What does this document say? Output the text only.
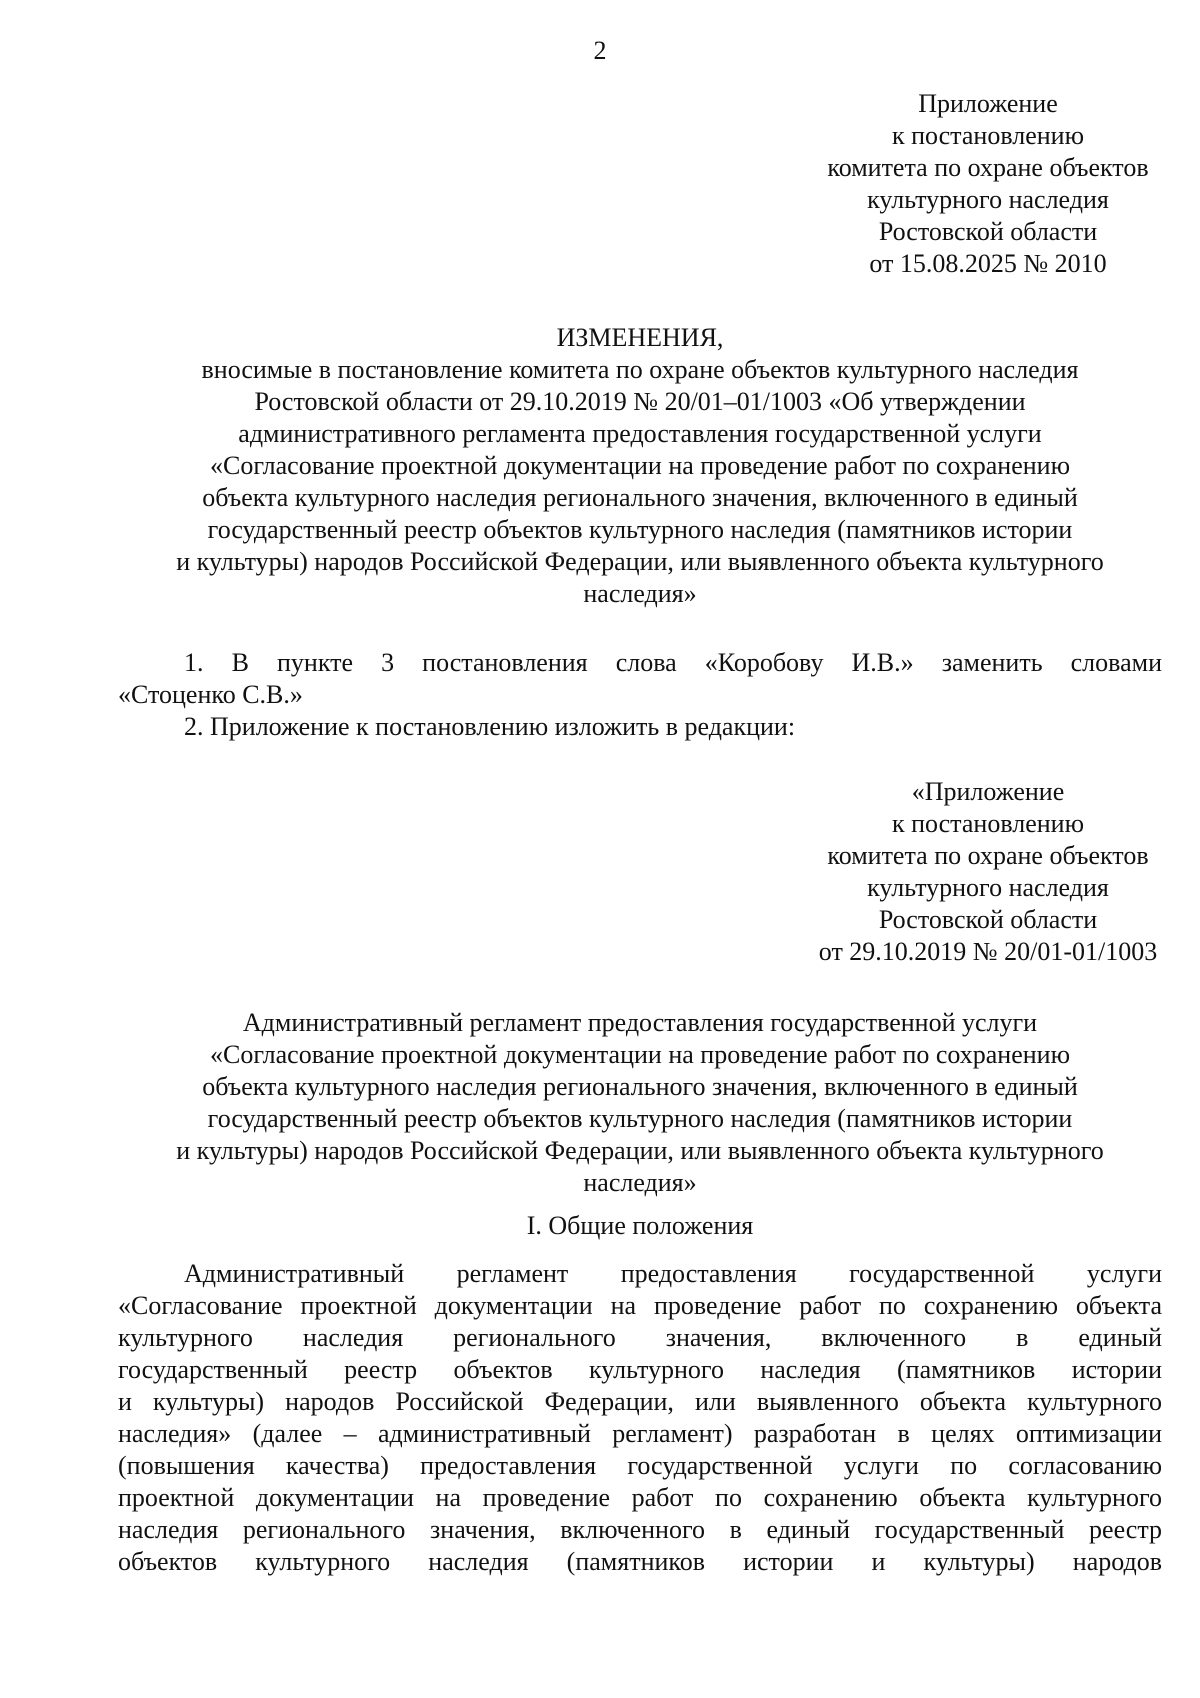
2
Приложение
к постановлению
комитета по охране объектов
культурного наследия
Ростовской области
от 15.08.2025 № 2010
ИЗМЕНЕНИЯ,
вносимые в постановление комитета по охране объектов культурного наследия
Ростовской области от 29.10.2019 № 20/01–01/1003 «Об утверждении
административного регламента предоставления государственной услуги
«Согласование проектной документации на проведение работ по сохранению
объекта культурного наследия регионального значения, включенного в единый
государственный реестр объектов культурного наследия (памятников истории
и культуры) народов Российской Федерации, или выявленного объекта культурного
наследия»
1. В пункте 3 постановления слова «Коробову И.В.» заменить словами
«Стоценко С.В.»
2. Приложение к постановлению изложить в редакции:
«Приложение
к постановлению
комитета по охране объектов
культурного наследия
Ростовской области
от 29.10.2019 № 20/01-01/1003
Административный регламент предоставления государственной услуги
«Согласование проектной документации на проведение работ по сохранению
объекта культурного наследия регионального значения, включенного в единый
государственный реестр объектов культурного наследия (памятников истории
и культуры) народов Российской Федерации, или выявленного объекта культурного
наследия»
I. Общие положения
Административный регламент предоставления государственной услуги
«Согласование проектной документации на проведение работ по сохранению объекта
культурного наследия регионального значения, включенного в единый
государственный реестр объектов культурного наследия (памятников истории
и культуры) народов Российской Федерации, или выявленного объекта культурного
наследия» (далее – административный регламент) разработан в целях оптимизации
(повышения качества) предоставления государственной услуги по согласованию
проектной документации на проведение работ по сохранению объекта культурного
наследия регионального значения, включенного в единый государственный реестр
объектов культурного наследия (памятников истории и культуры) народов
